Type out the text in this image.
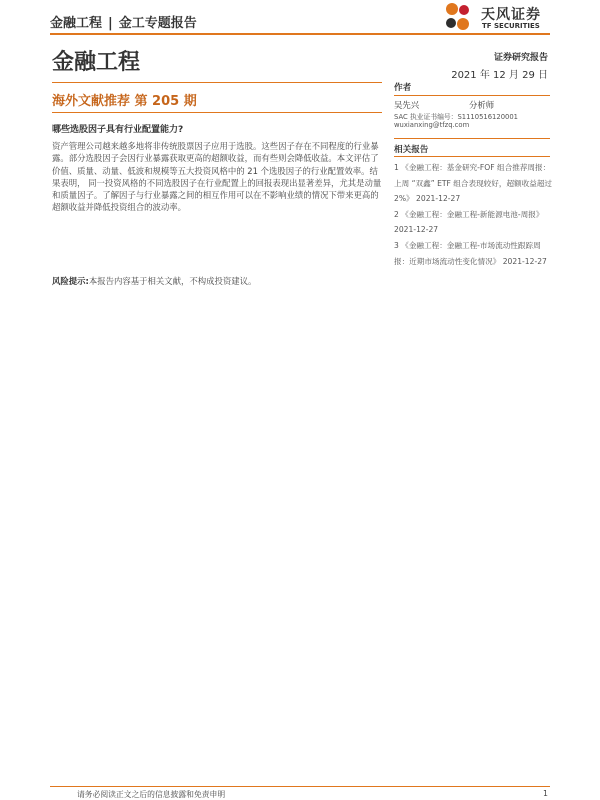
金融工程 | 金工专题报告
天风证券
TF SECURITIES
金融工程	证券研究报告
2021 年 12 月 29 日
海外文献推荐 第 205 期
哪些选股因子具有行业配置能力?

资产管理公司越来越多地将非传统股票因子应用于选股。这些因子存在不同程度的行业暴露。部分选股因子会因行业暴露获取更高的超额收益，而有些则会降低收益。本文评估了价值、质量、动量、低波和规模等五大投资风格中的 21 个选股因子的行业配置效率。结果表明， 同一投资风格的不同选股因子在行业配置上的回报表现出显著差异，尤其是动量和质量因子。了解因子与行业暴露之间的相互作用可以在不影响业绩的情况下带来更高的超额收益并降低投资组合的波动率。

风险提示:本报告内容基于相关文献，不构成投资建议。
作者
吴先兴	分析师
SAC 执业证书编号：S1110516120001
wuxianxing@tfzq.com
相关报告

1 《金融工程：基金研究-FOF 组合推荐周报：上周 “双鑫” ETF 组合表现较好，超额收益超过 2%》 2021-12-27

2 《金融工程：金融工程-新能源电池-周报》 2021-12-27

3 《金融工程：金融工程-市场流动性跟踪周报：近期市场流动性变化情况》 2021-12-27

请务必阅读正文之后的信息披露和免责申明	1
